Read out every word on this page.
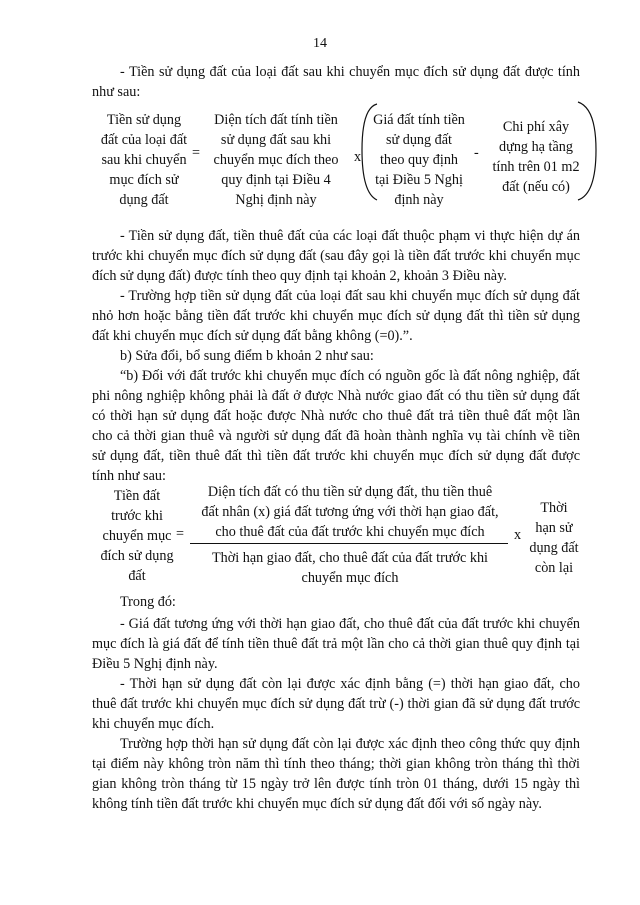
14
- Tiền sử dụng đất của loại đất sau khi chuyển mục đích sử dụng đất được tính như sau:
Tiền sử dụng
đất của loại đất
sau khi chuyển
mục đích sử
dụng đất
=
Diện tích đất tính tiền
sử dụng đất sau khi
chuyển mục đích theo
quy định tại Điều 4
Nghị định này
x
Giá đất tính tiền
sử dụng đất
theo quy định
tại Điều 5 Nghị
định này
-
Chi phí xây
dựng hạ tầng
tính trên 01 m2
đất (nếu có)
- Tiền sử dụng đất, tiền thuê đất của các loại đất thuộc phạm vi thực hiện dự án trước khi chuyển mục đích sử dụng đất (sau đây gọi là tiền đất trước khi chuyển mục đích sử dụng đất) được tính theo quy định tại khoản 2, khoản 3 Điều này.
- Trường hợp tiền sử dụng đất của loại đất sau khi chuyển mục đích sử dụng đất nhỏ hơn hoặc bằng tiền đất trước khi chuyển mục đích sử dụng đất thì tiền sử dụng đất khi chuyển mục đích sử dụng đất bằng không (=0).”.
b) Sửa đổi, bổ sung điểm b khoản 2 như sau:
“b) Đối với đất trước khi chuyển mục đích có nguồn gốc là đất nông nghiệp, đất phi nông nghiệp không phải là đất ở được Nhà nước giao đất có thu tiền sử dụng đất có thời hạn sử dụng đất hoặc được Nhà nước cho thuê đất trả tiền thuê đất một lần cho cả thời gian thuê và người sử dụng đất đã hoàn thành nghĩa vụ tài chính về tiền sử dụng đất, tiền thuê đất thì tiền đất trước khi chuyển mục đích sử dụng đất được tính như sau:
Tiền đất
trước khi
chuyển mục
đích sử dụng
đất
=
Diện tích đất có thu tiền sử dụng đất, thu tiền thuê
đất nhân (x) giá đất tương ứng với thời hạn giao đất,
cho thuê đất của đất trước khi chuyển mục đích
Thời hạn giao đất, cho thuê đất của đất trước khi
chuyển mục đích
x
Thời
hạn sử
dụng đất
còn lại
Trong đó:
- Giá đất tương ứng với thời hạn giao đất, cho thuê đất của đất trước khi chuyển mục đích là giá đất để tính tiền thuê đất trả một lần cho cả thời gian thuê quy định tại Điều 5 Nghị định này.
- Thời hạn sử dụng đất còn lại được xác định bằng (=) thời hạn giao đất, cho thuê đất trước khi chuyển mục đích sử dụng đất trừ (-) thời gian đã sử dụng đất trước khi chuyển mục đích.
Trường hợp thời hạn sử dụng đất còn lại được xác định theo công thức quy định tại điểm này không tròn năm thì tính theo tháng; thời gian không tròn tháng thì thời gian không tròn tháng từ 15 ngày trở lên được tính tròn 01 tháng, dưới 15 ngày thì không tính tiền đất trước khi chuyển mục đích sử dụng đất đối với số ngày này.
